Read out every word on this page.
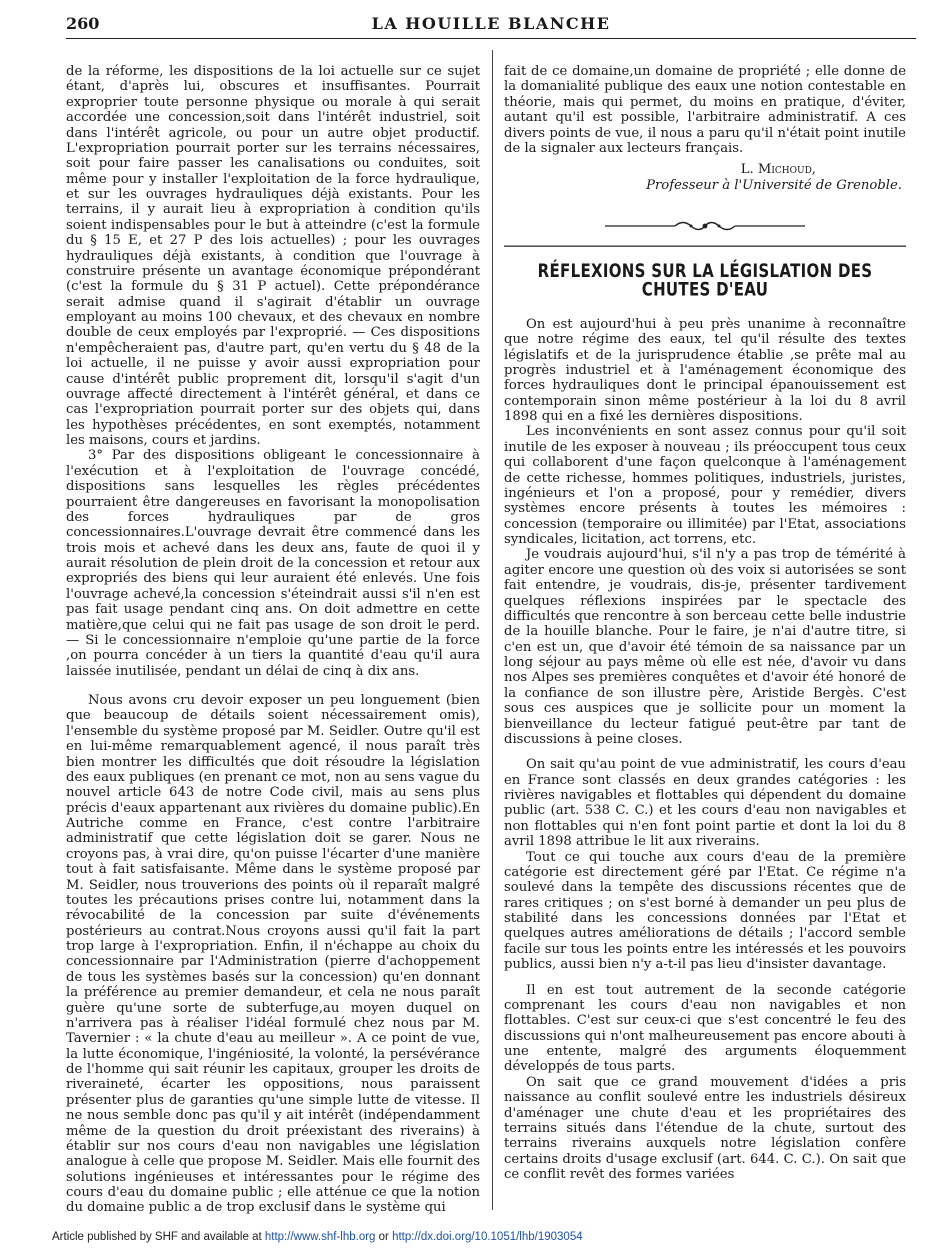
260	LA HOUILLE BLANCHE

de la réforme, les dispositions de la loi actuelle sur ce sujet étant, d'après lui, obscures et insuffisantes. Pourrait exproprier toute personne physique ou morale à qui serait accordée une concession,soit dans l'intérêt industriel, soit dans l'intérêt agricole, ou pour un autre objet productif. L'expropriation pourrait porter sur les terrains nécessaires, soit pour faire passer les canalisations ou conduites, soit même pour y installer l'exploitation de la force hydraulique, et sur les ouvrages hydrauliques déjà existants. Pour les terrains, il y aurait lieu à expropriation à condition qu'ils soient indispensables pour le but à atteindre (c'est la formule du § 15 E, et 27 P des lois actuelles) ; pour les ouvrages hydrauliques déjà existants, à condition que l'ouvrage à construire présente un avantage économique prépondérant (c'est la formule du § 31 P actuel). Cette prépondérance serait admise quand il s'agirait d'établir un ouvrage employant au moins 100 chevaux, et des chevaux en nombre double de ceux employés par l'exproprié. — Ces dispositions n'empêcheraient pas, d'autre part, qu'en vertu du § 48 de la loi actuelle, il ne puisse y avoir aussi expropriation pour cause d'intérêt public proprement dit, lorsqu'il s'agit d'un ouvrage affecté directement à l'intérêt général, et dans ce cas l'expropriation pourrait porter sur des objets qui, dans les hypothèses précédentes, en sont exemptés, notamment les maisons, cours et jardins.

3° Par des dispositions obligeant le concessionnaire à l'exécution et à l'exploitation de l'ouvrage concédé, dispositions sans lesquelles les règles précédentes pourraient être dangereuses en favorisant la monopolisation des forces hydrauliques par de gros concessionnaires.L'ouvrage devrait être commencé dans les trois mois et achevé dans les deux ans, faute de quoi il y aurait résolution de plein droit de la concession et retour aux expropriés des biens qui leur auraient été enlevés. Une fois l'ouvrage achevé,la concession s'éteindrait aussi s'il n'en est pas fait usage pendant cinq ans. On doit admettre en cette matière,que celui qui ne fait pas usage de son droit le perd. — Si le concessionnaire n'emploie qu'une partie de la force ,on pourra concéder à un tiers la quantité d'eau qu'il aura laissée inutilisée, pendant un délai de cinq à dix ans.

Nous avons cru devoir exposer un peu longuement (bien que beaucoup de détails soient nécessairement omis), l'ensemble du système proposé par M. Seidler. Outre qu'il est en lui-même remarquablement agencé, il nous paraît très bien montrer les difficultés que doit résoudre la législation des eaux publiques (en prenant ce mot, non au sens vague du nouvel article 643 de notre Code civil, mais au sens plus précis d'eaux appartenant aux rivières du domaine public).En Autriche comme en France, c'est contre l'arbitraire administratif que cette législation doit se garer. Nous ne croyons pas, à vrai dire, qu'on puisse l'écarter d'une manière tout à fait satisfaisante. Même dans le système proposé par M. Seidler, nous trouverions des points où il reparaît malgré toutes les précautions prises contre lui, notamment dans la révocabilité de la concession par suite d'événements postérieurs au contrat.Nous croyons aussi qu'il fait la part trop large à l'expropriation. Enfin, il n'échappe au choix du concessionnaire par l'Administration (pierre d'achoppement de tous les systèmes basés sur la concession) qu'en donnant la préférence au premier demandeur, et cela ne nous paraît guère qu'une sorte de subterfuge,au moyen duquel on n'arrivera pas à réaliser l'idéal formulé chez nous par M. Tavernier : « la chute d'eau au meilleur ». A ce point de vue, la lutte économique, l'ingéniosité, la volonté, la persévérance de l'homme qui sait réunir les capitaux, grouper les droits de riveraineté, écarter les oppositions, nous paraissent présenter plus de garanties qu'une simple lutte de vitesse. Il ne nous semble donc pas qu'il y ait intérêt (indépendamment même de la question du droit préexistant des riverains) à établir sur nos cours d'eau non navigables une législation analogue à celle que propose M. Seidler. Mais elle fournit des solutions ingénieuses et intéressantes pour le régime des cours d'eau du domaine public ; elle atténue ce que la notion du domaine public a de trop exclusif dans le système qui

fait de ce domaine,un domaine de propriété ; elle donne de la domanialité publique des eaux une notion contestable en théorie, mais qui permet, du moins en pratique, d'éviter, autant qu'il est possible, l'arbitraire administratif. A ces divers points de vue, il nous a paru qu'il n'était point inutile de la signaler aux lecteurs français.

L. Michoud,
Professeur à l'Université de Grenoble.
RÉFLEXIONS SUR LA LÉGISLATION DES CHUTES D'EAU

On est aujourd'hui à peu près unanime à reconnaître que notre régime des eaux, tel qu'il résulte des textes législatifs et de la jurisprudence établie ,se prête mal au progrès industriel et à l'aménagement économique des forces hydrauliques dont le principal épanouissement est contemporain sinon même postérieur à la loi du 8 avril 1898 qui en a fixé les dernières dispositions.

Les inconvénients en sont assez connus pour qu'il soit inutile de les exposer à nouveau ; ils préoccupent tous ceux qui collaborent d'une façon quelconque à l'aménagement de cette richesse, hommes politiques, industriels, juristes, ingénieurs et l'on a proposé, pour y remédier, divers systèmes encore présents à toutes les mémoires : concession (temporaire ou illimitée) par l'Etat, associations syndicales, licitation, act torrens, etc.

Je voudrais aujourd'hui, s'il n'y a pas trop de témérité à agiter encore une question où des voix si autorisées se sont fait entendre, je voudrais, dis-je, présenter tardivement quelques réflexions inspirées par le spectacle des difficultés que rencontre à son berceau cette belle industrie de la houille blanche. Pour le faire, je n'ai d'autre titre, si c'en est un, que d'avoir été témoin de sa naissance par un long séjour au pays même où elle est née, d'avoir vu dans nos Alpes ses premières conquêtes et d'avoir été honoré de la confiance de son illustre père, Aristide Bergès. C'est sous ces auspices que je sollicite pour un moment la bienveillance du lecteur fatigué peut-être par tant de discussions à peine closes.

On sait qu'au point de vue administratif, les cours d'eau en France sont classés en deux grandes catégories : les rivières navigables et flottables qui dépendent du domaine public (art. 538 C. C.) et les cours d'eau non navigables et non flottables qui n'en font point partie et dont la loi du 8 avril 1898 attribue le lit aux riverains.

Tout ce qui touche aux cours d'eau de la première catégorie est directement géré par l'Etat. Ce régime n'a soulevé dans la tempête des discussions récentes que de rares critiques ; on s'est borné à demander un peu plus de stabilité dans les concessions données par l'Etat et quelques autres améliorations de détails ; l'accord semble facile sur tous les points entre les intéressés et les pouvoirs publics, aussi bien n'y a-t-il pas lieu d'insister davantage.

Il en est tout autrement de la seconde catégorie comprenant les cours d'eau non navigables et non flottables. C'est sur ceux-ci que s'est concentré le feu des discussions qui n'ont malheureusement pas encore abouti à une entente, malgré des arguments éloquemment développés de tous parts.

On sait que ce grand mouvement d'idées a pris naissance au conflit soulevé entre les industriels désireux d'aménager une chute d'eau et les propriétaires des terrains situés dans l'étendue de la chute, surtout des terrains riverains auxquels notre législation confère certains droits d'usage exclusif (art. 644. C. C.). On sait que ce conflit revêt des formes variées

Article published by SHF and available at http://www.shf-lhb.org or http://dx.doi.org/10.1051/lhb/1903054
